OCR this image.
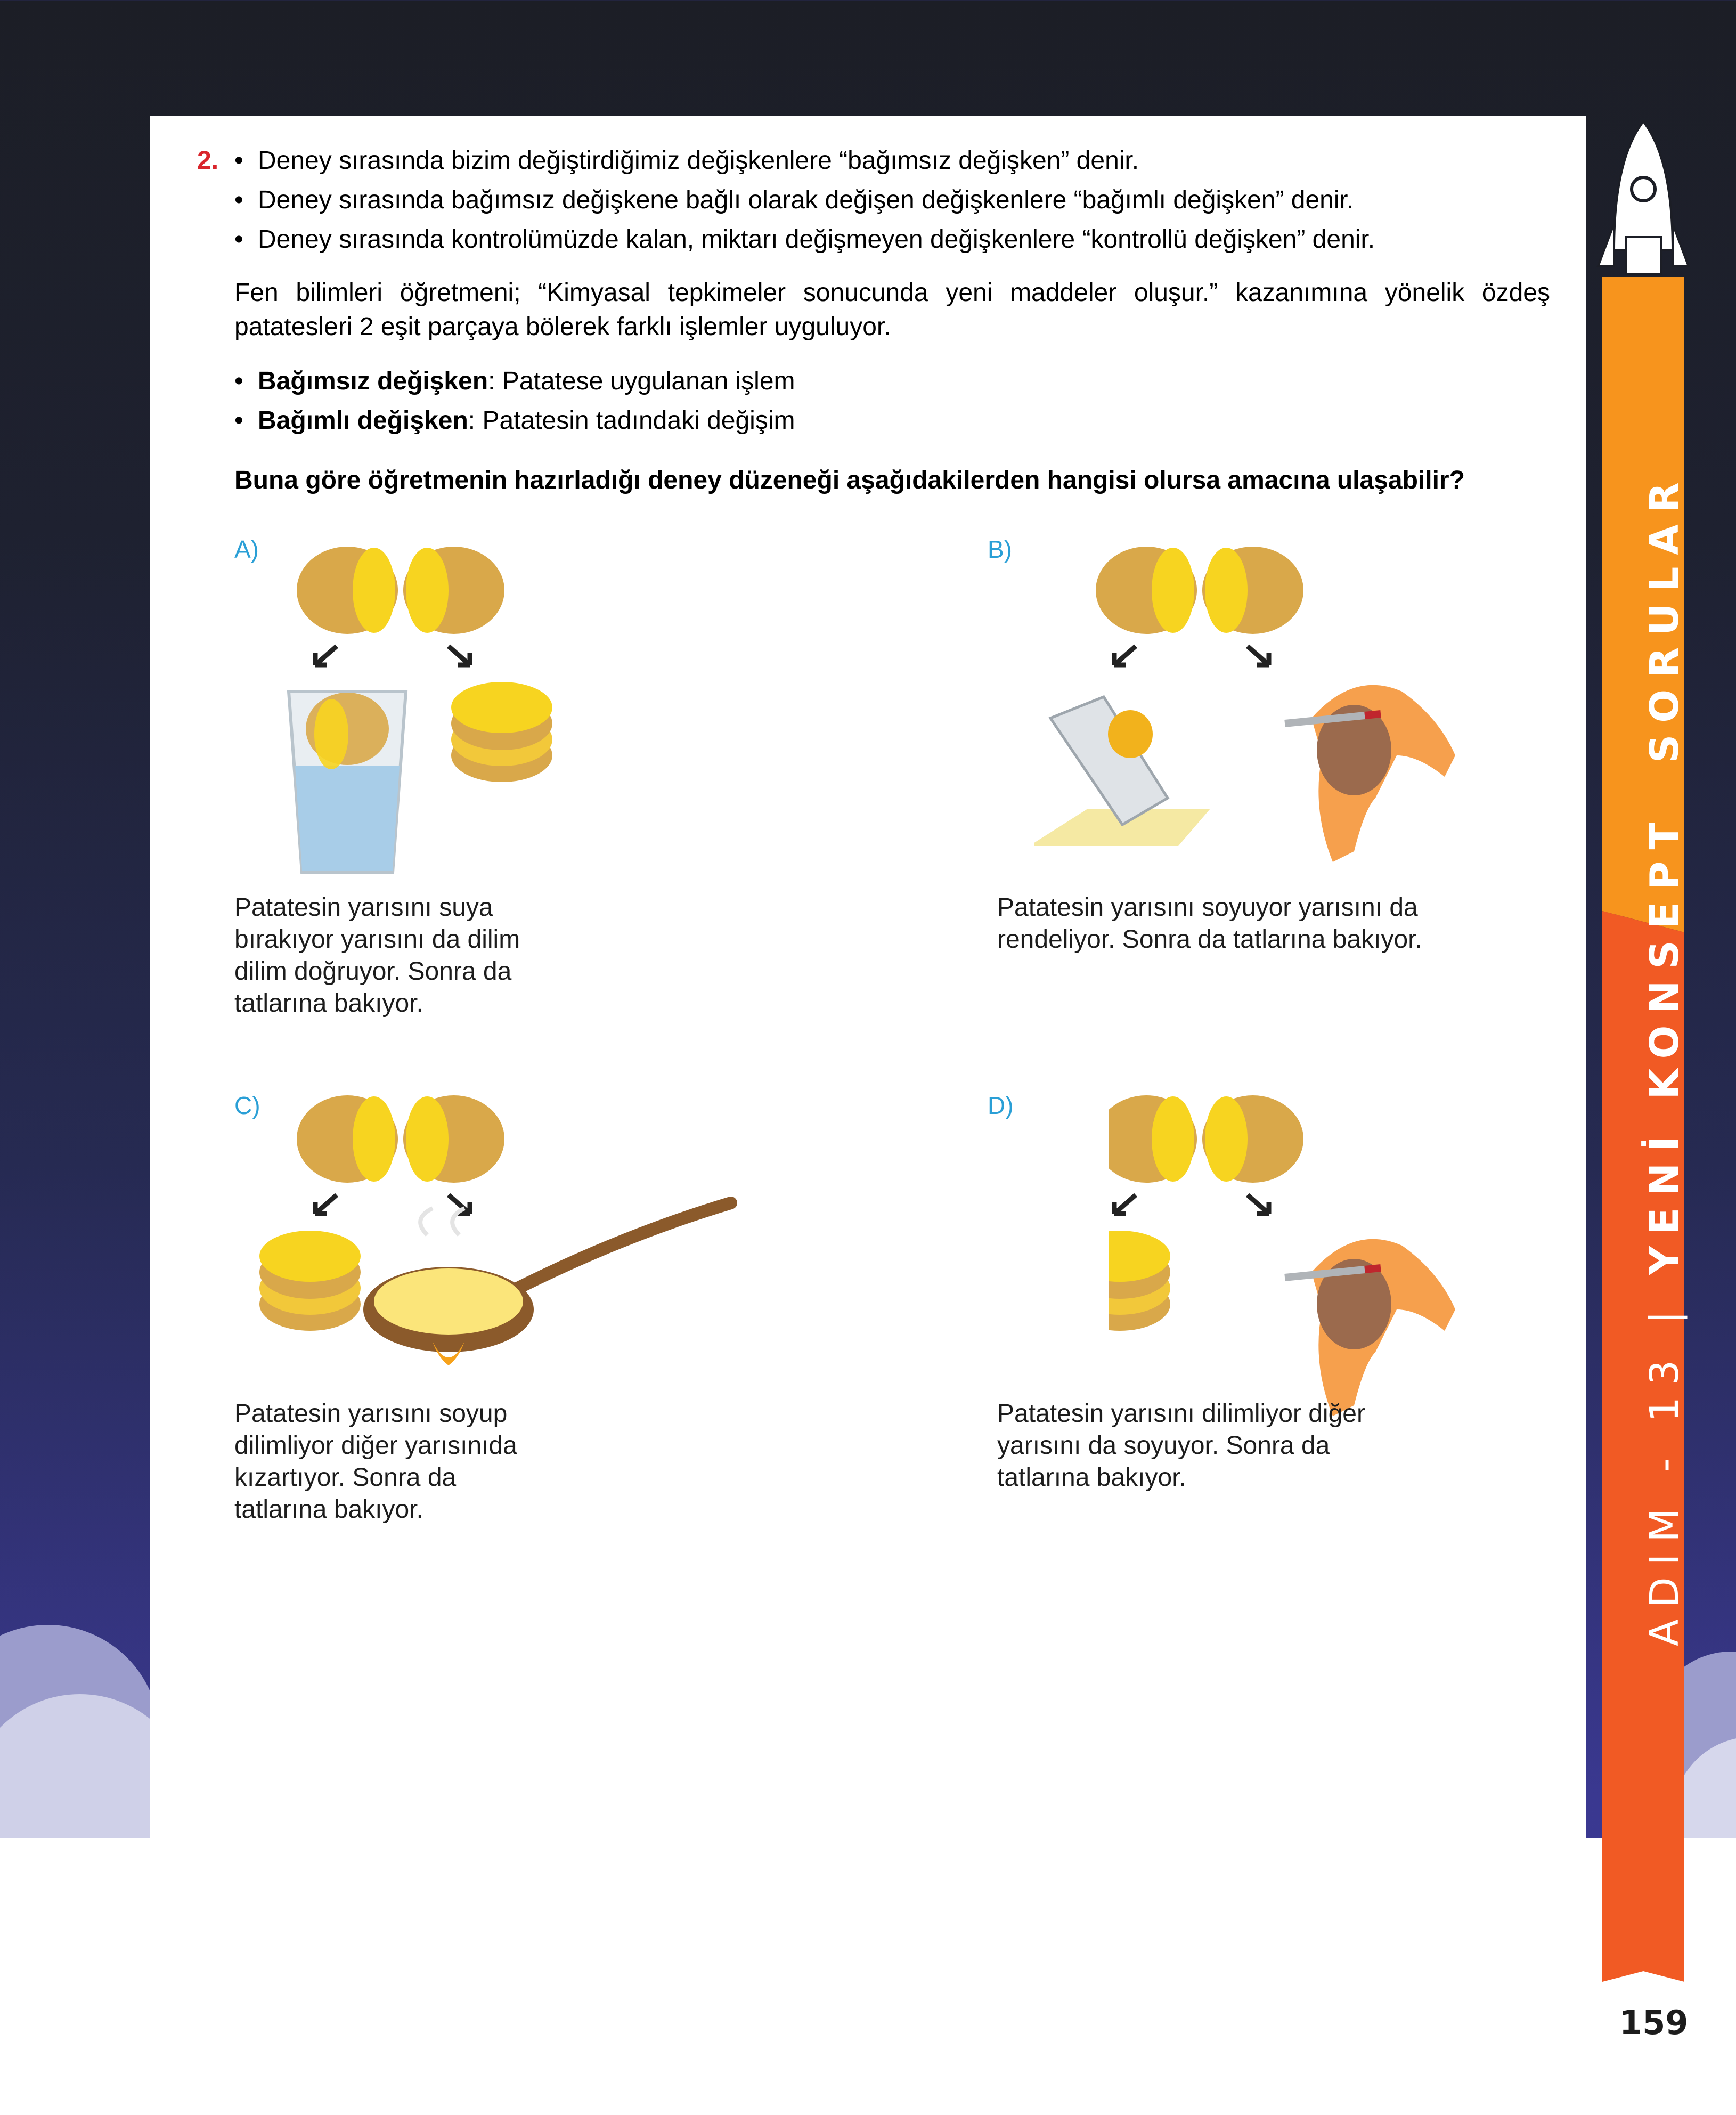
2. • Deney sırasında bizim değiştirdiğimiz değişkenlere “bağımsız değişken” denir.
• Deney sırasında bağımsız değişkene bağlı olarak değişen değişkenlere “bağımlı değişken” denir.
• Deney sırasında kontrolümüzde kalan, miktarı değişmeyen değişkenlere “kontrollü değişken” denir.
Fen bilimleri öğretmeni; “Kimyasal tepkimeler sonucunda yeni maddeler oluşur.” kazanımına yönelik özdeş patatesleri 2 eşit parçaya bölerek farklı işlemler uyguluyor.
• Bağımsız değişken: Patatese uygulanan işlem
• Bağımlı değişken: Patatesin tadındaki değişim
Buna göre öğretmenin hazırladığı deney düzeneği aşağıdakilerden hangisi olursa amacına ulaşabilir?
A)
Patatesin yarısını suya
bırakıyor yarısını da dilim
dilim doğruyor. Sonra da
tatlarına bakıyor.
B)
Patatesin yarısını soyuyor yarısını da
rendeliyor. Sonra da tatlarına bakıyor.
C)
Patatesin yarısını soyup
dilimliyor diğer yarısınıda
kızartıyor. Sonra da
tatlarına bakıyor.
D)
Patatesin yarısını dilimliyor diğer
yarısını da soyuyor. Sonra da
tatlarına bakıyor.	ADIM - 13 | YENİ KONSEPTSORULAR
159
